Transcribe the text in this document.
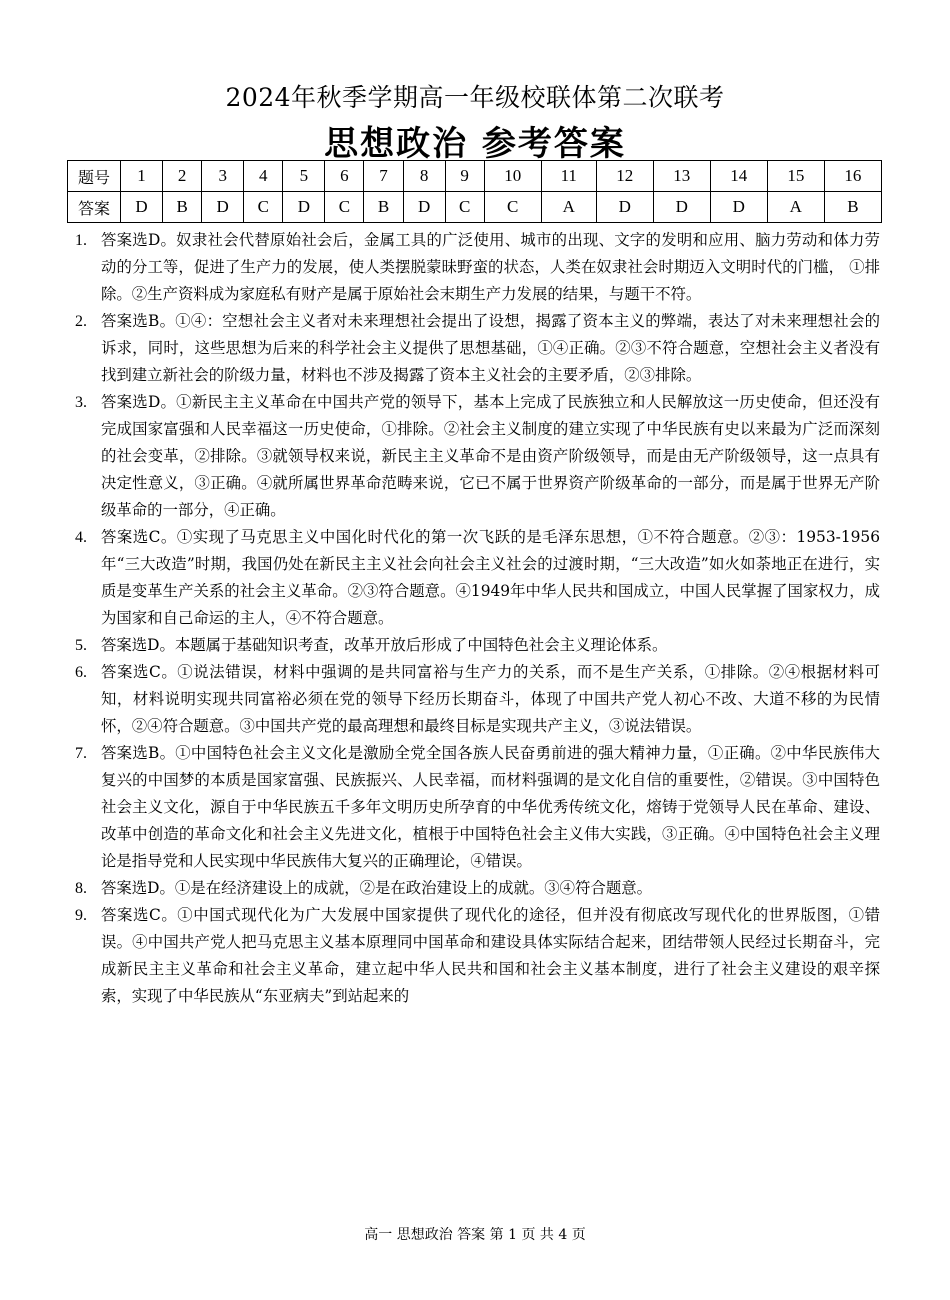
2024年秋季学期高一年级校联体第二次联考
思想政治 参考答案
题号	1	2	3	4	5	6	7	8	9	10	11	12	13	14	15	16
答案	D	B	D	C	D	C	B	D	C	C	A	D	D	D	A	B
1. 答案选D。奴隶社会代替原始社会后，金属工具的广泛使用、城市的出现、文字的发明和应用、脑力劳动和体力劳动的分工等，促进了生产力的发展，使人类摆脱蒙昧野蛮的状态，人类在奴隶社会时期迈入文明时代的门槛， ①排除。②生产资料成为家庭私有财产是属于原始社会末期生产力发展的结果，与题干不符。
2. 答案选B。①④：空想社会主义者对未来理想社会提出了设想，揭露了资本主义的弊端，表达了对未来理想社会的诉求，同时，这些思想为后来的科学社会主义提供了思想基础，①④正确。②③不符合题意，空想社会主义者没有找到建立新社会的阶级力量，材料也不涉及揭露了资本主义社会的主要矛盾，②③排除。
3. 答案选D。①新民主主义革命在中国共产党的领导下，基本上完成了民族独立和人民解放这一历史使命，但还没有完成国家富强和人民幸福这一历史使命，①排除。②社会主义制度的建立实现了中华民族有史以来最为广泛而深刻的社会变革，②排除。③就领导权来说，新民主主义革命不是由资产阶级领导，而是由无产阶级领导，这一点具有决定性意义，③正确。④就所属世界革命范畴来说，它已不属于世界资产阶级革命的一部分，而是属于世界无产阶级革命的一部分，④正确。
4. 答案选C。①实现了马克思主义中国化时代化的第一次飞跃的是毛泽东思想，①不符合题意。②③：1953-1956年“三大改造”时期，我国仍处在新民主主义社会向社会主义社会的过渡时期，“三大改造”如火如荼地正在进行，实质是变革生产关系的社会主义革命。②③符合题意。④1949年中华人民共和国成立，中国人民掌握了国家权力，成为国家和自己命运的主人，④不符合题意。
5. 答案选D。本题属于基础知识考查，改革开放后形成了中国特色社会主义理论体系。
6. 答案选C。①说法错误，材料中强调的是共同富裕与生产力的关系，而不是生产关系，①排除。②④根据材料可知，材料说明实现共同富裕必须在党的领导下经历长期奋斗，体现了中国共产党人初心不改、大道不移的为民情怀，②④符合题意。③中国共产党的最高理想和最终目标是实现共产主义，③说法错误。
7. 答案选B。①中国特色社会主义文化是激励全党全国各族人民奋勇前进的强大精神力量，①正确。②中华民族伟大复兴的中国梦的本质是国家富强、民族振兴、人民幸福，而材料强调的是文化自信的重要性，②错误。③中国特色社会主义文化，源自于中华民族五千多年文明历史所孕育的中华优秀传统文化，熔铸于党领导人民在革命、建设、改革中创造的革命文化和社会主义先进文化，植根于中国特色社会主义伟大实践，③正确。④中国特色社会主义理论是指导党和人民实现中华民族伟大复兴的正确理论，④错误。
8. 答案选D。①是在经济建设上的成就，②是在政治建设上的成就。③④符合题意。
9. 答案选C。①中国式现代化为广大发展中国家提供了现代化的途径，但并没有彻底改写现代化的世界版图，①错误。④中国共产党人把马克思主义基本原理同中国革命和建设具体实际结合起来，团结带领人民经过长期奋斗，完成新民主主义革命和社会主义革命，建立起中华人民共和国和社会主义基本制度，进行了社会主义建设的艰辛探索，实现了中华民族从“东亚病夫”到站起来的
高一 思想政治 答案 第 1 页 共 4 页
